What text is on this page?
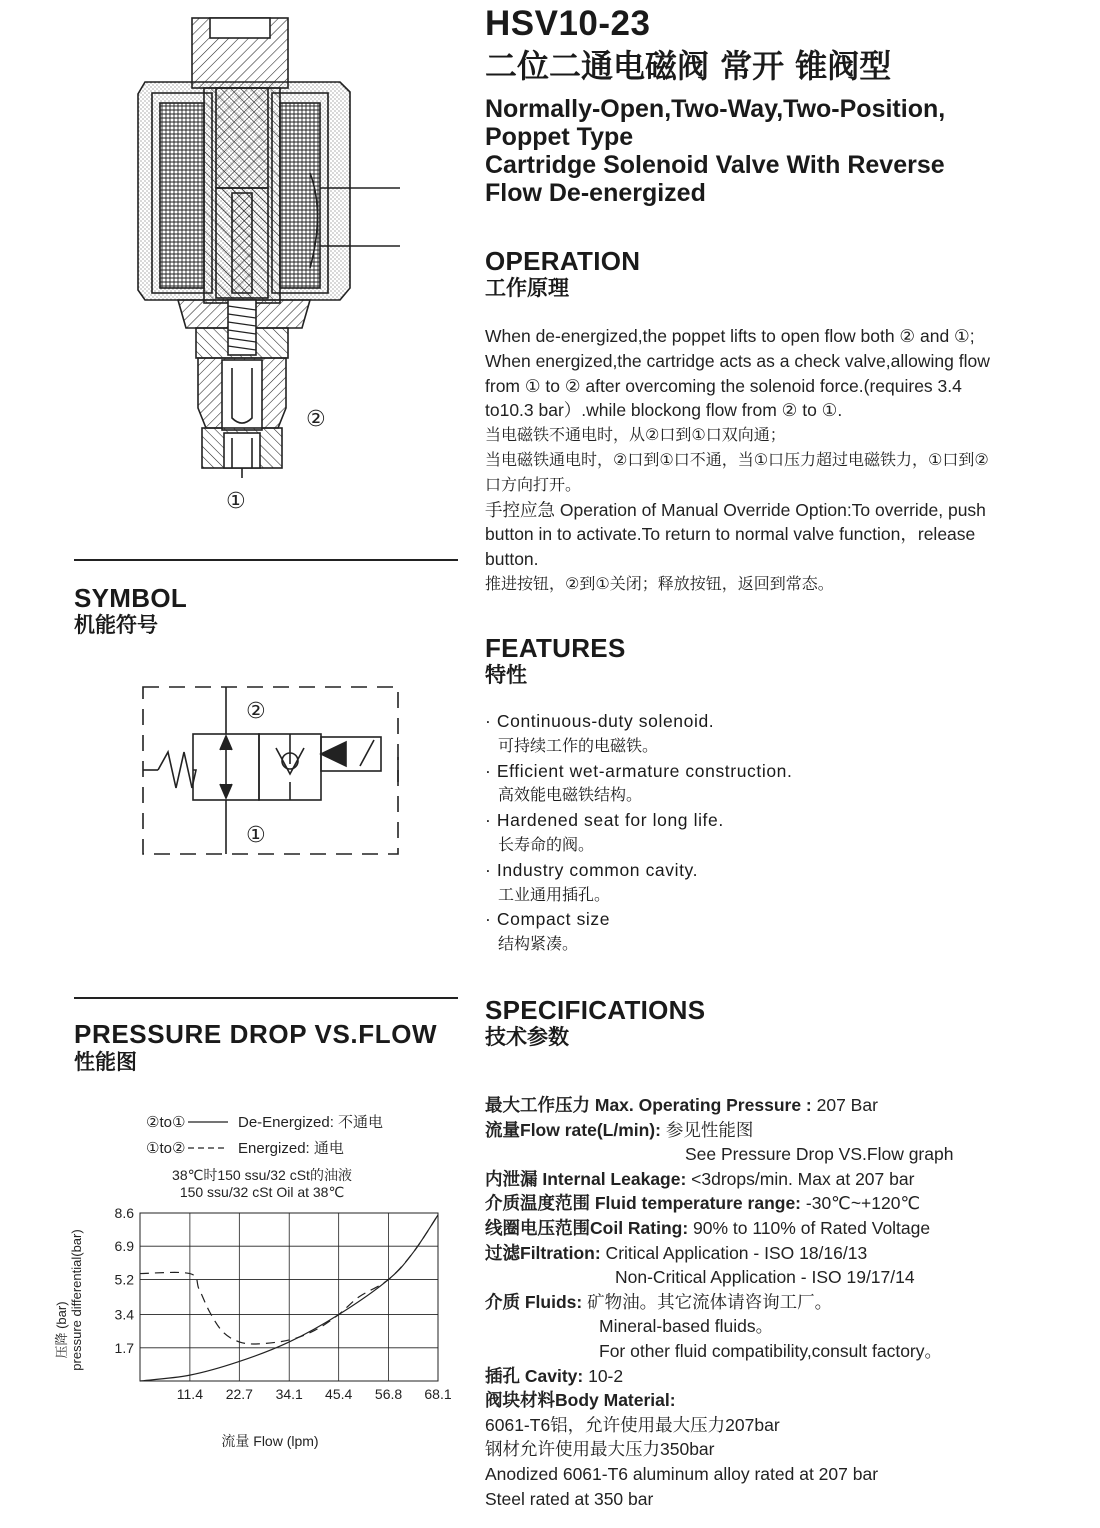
HSV10-23
二位二通电磁阀 常开 锥阀型
Normally-Open,Two-Way,Two-Position,
Poppet Type
Cartridge Solenoid Valve With Reverse
Flow De-energized
②
①
SYMBOL
机能符号
②
①
PRESSURE DROP VS.FLOW
性能图
②to①	De-Energized: 不通电
①to②	Energized: 通电
38℃时150 ssu/32 cSt的油液
150 ssu/32 cSt Oil at 38℃
11.4 22.7 34.1 45.4 56.8 68.1
1.7
3.4
5.2
6.9
8.6
流量 Flow (lpm)
压降 (bar) pressure differential(bar)
OPERATION
工作原理
When de-energized,the poppet lifts to open flow both ② and ①;
When energized,the cartridge acts as a check valve,allowing flow
from ① to ② after overcoming the solenoid force.(requires 3.4
to10.3 bar）.while blockong flow from ② to ①.
当电磁铁不通电时，从②口到①口双向通；
当电磁铁通电时，②口到①口不通，当①口压力超过电磁铁力，①口到②
口方向打开。
手控应急 Operation of Manual Override Option:To override, push
button in to activate.To return to normal valve function，release
button.
推进按钮，②到①关闭；释放按钮，返回到常态。
FEATURES
特性
· Continuous-duty solenoid.
可持续工作的电磁铁。
· Efficient wet-armature construction.
高效能电磁铁结构。
· Hardened seat for long life.
长寿命的阀。
· Industry common cavity.
工业通用插孔。
· Compact size
结构紧凑。
SPECIFICATIONS
技术参数
最大工作压力 Max. Operating Pressure : 207 Bar
流量Flow rate(L/min): 参见性能图
See Pressure Drop VS.Flow graph
内泄漏 Internal Leakage: <3drops/min. Max at 207 bar
介质温度范围 Fluid temperature range: -30℃~+120℃
线圈电压范围Coil Rating: 90% to 110% of Rated Voltage
过滤Filtration: Critical Application - ISO 18/16/13
Non-Critical Application - ISO 19/17/14
介质 Fluids: 矿物油。其它流体请咨询工厂。
Mineral-based fluids。
For other fluid compatibility,consult factory。
插孔 Cavity: 10-2
阀块材料Body Material:
6061-T6铝，允许使用最大压力207bar
钢材允许使用最大压力350bar
Anodized 6061-T6 aluminum alloy rated at 207 bar
Steel rated at 350 bar
